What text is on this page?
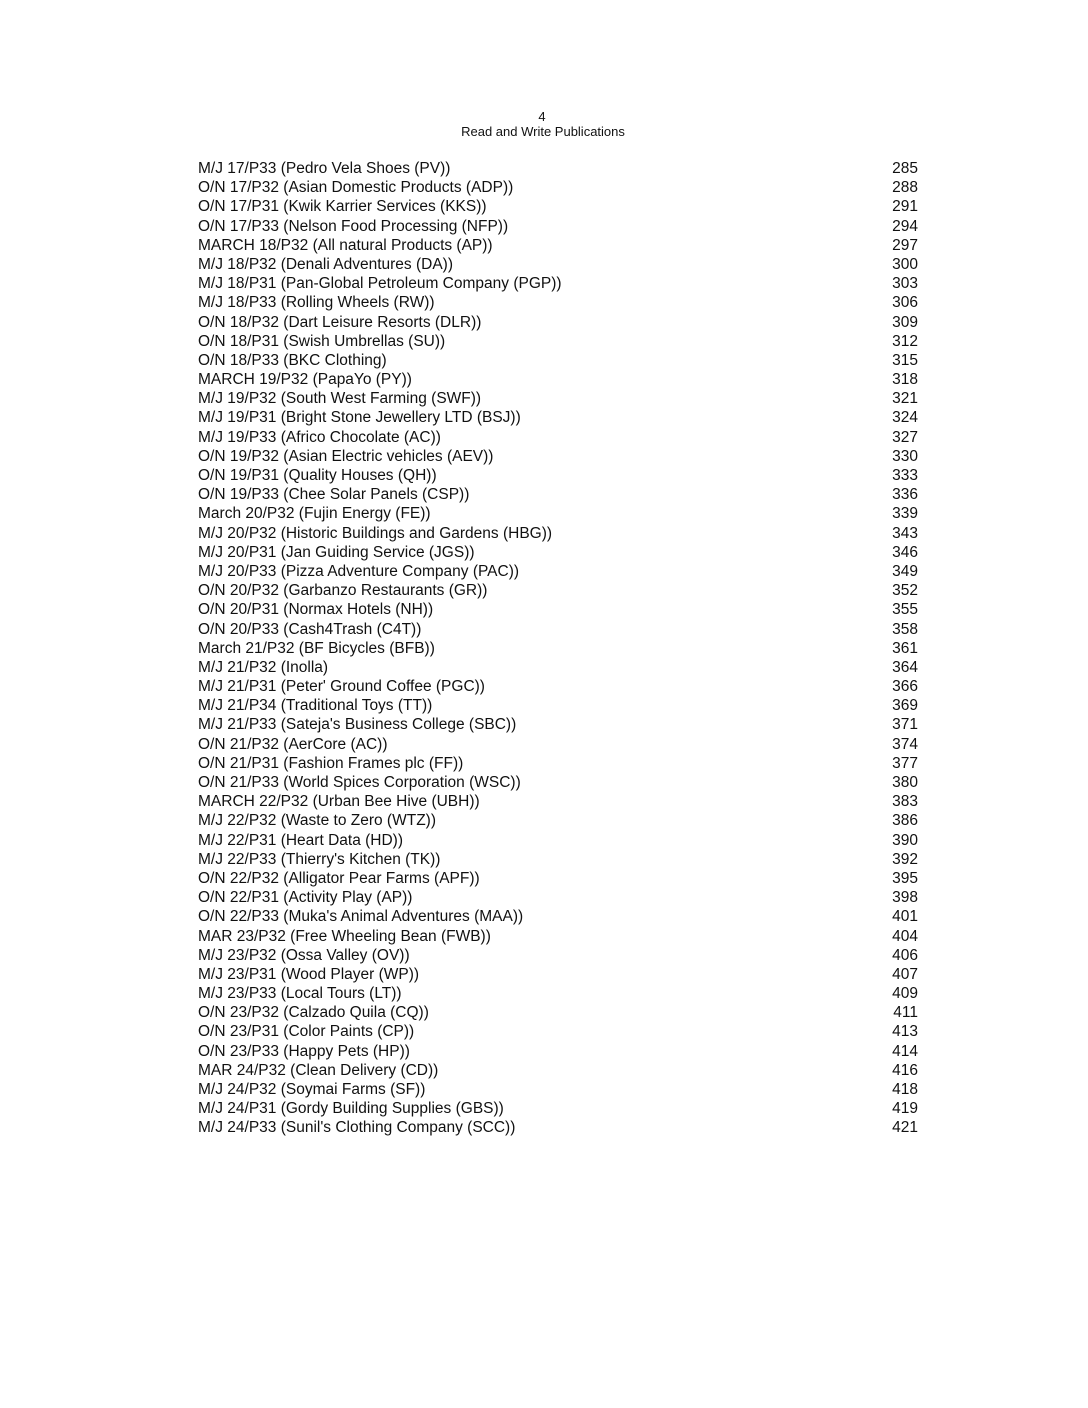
4
Read and Write Publications
M/J 17/P33 (Pedro Vela Shoes (PV))	285
O/N 17/P32 (Asian Domestic Products (ADP))	288
O/N 17/P31 (Kwik Karrier Services (KKS))	291
O/N 17/P33 (Nelson Food Processing (NFP))	294
MARCH 18/P32 (All natural Products (AP))	297
M/J 18/P32 (Denali Adventures (DA))	300
M/J 18/P31 (Pan-Global Petroleum Company (PGP))	303
M/J 18/P33 (Rolling Wheels (RW))	306
O/N 18/P32 (Dart Leisure Resorts (DLR))	309
O/N 18/P31 (Swish Umbrellas (SU))	312
O/N 18/P33 (BKC Clothing)	315
MARCH 19/P32 (PapaYo (PY))	318
M/J 19/P32 (South West Farming (SWF))	321
M/J 19/P31 (Bright Stone Jewellery LTD (BSJ))	324
M/J 19/P33 (Africo Chocolate (AC))	327
O/N 19/P32 (Asian Electric vehicles (AEV))	330
O/N 19/P31 (Quality Houses (QH))	333
O/N 19/P33 (Chee Solar Panels (CSP))	336
March 20/P32 (Fujin Energy (FE))	339
M/J 20/P32 (Historic Buildings and Gardens (HBG))	343
M/J 20/P31 (Jan Guiding Service (JGS))	346
M/J 20/P33 (Pizza Adventure Company (PAC))	349
O/N 20/P32 (Garbanzo Restaurants (GR))	352
O/N 20/P31 (Normax Hotels (NH))	355
O/N 20/P33 (Cash4Trash (C4T))	358
March 21/P32 (BF Bicycles (BFB))	361
M/J 21/P32 (Inolla)	364
M/J 21/P31 (Peter' Ground Coffee (PGC))	366
M/J 21/P34 (Traditional Toys (TT))	369
M/J 21/P33 (Sateja's Business College (SBC))	371
O/N 21/P32 (AerCore (AC))	374
O/N 21/P31 (Fashion Frames plc (FF))	377
O/N 21/P33 (World Spices Corporation (WSC))	380
MARCH 22/P32 (Urban Bee Hive (UBH))	383
M/J 22/P32 (Waste to Zero (WTZ))	386
M/J 22/P31 (Heart Data (HD))	390
M/J 22/P33 (Thierry's Kitchen (TK))	392
O/N 22/P32 (Alligator Pear Farms (APF))	395
O/N 22/P31 (Activity Play (AP))	398
O/N 22/P33 (Muka's Animal Adventures (MAA))	401
MAR 23/P32 (Free Wheeling Bean (FWB))	404
M/J 23/P32 (Ossa Valley (OV))	406
M/J 23/P31 (Wood Player (WP))	407
M/J 23/P33 (Local Tours (LT))	409
O/N 23/P32 (Calzado Quila (CQ))	411
O/N 23/P31 (Color Paints (CP))	413
O/N 23/P33 (Happy Pets (HP))	414
MAR 24/P32 (Clean Delivery (CD))	416
M/J 24/P32 (Soymai Farms (SF))	418
M/J 24/P31 (Gordy Building Supplies (GBS))	419
M/J 24/P33 (Sunil's Clothing Company (SCC))	421
